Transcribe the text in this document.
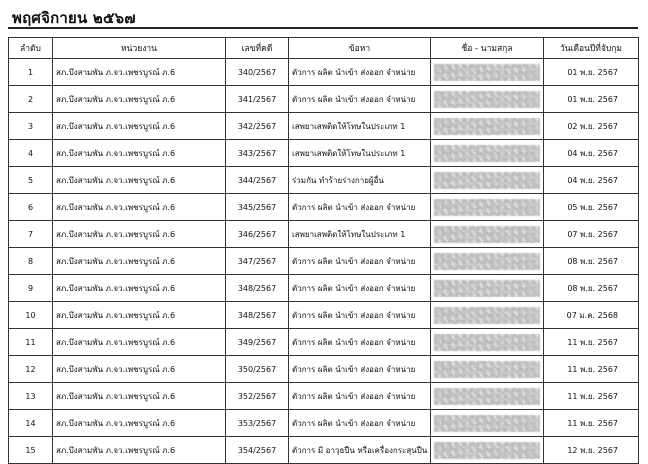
พฤศจิกายน ๒๕๖๗
ลำดับ	หน่วยงาน	เลขที่คดี	ข้อหา	ชื่อ - นามสกุล	วันเดือนปีที่จับกุม
1	สภ.บึงสามพัน ภ.จว.เพชรบูรณ์ ภ.6	340/2567	ตัวการ ผลิต นำเข้า ส่งออก จำหน่าย		01 พ.ย. 2567
2	สภ.บึงสามพัน ภ.จว.เพชรบูรณ์ ภ.6	341/2567	ตัวการ ผลิต นำเข้า ส่งออก จำหน่าย		01 พ.ย. 2567
3	สภ.บึงสามพัน ภ.จว.เพชรบูรณ์ ภ.6	342/2567	เสพยาเสพติดให้โทษในประเภท 1		02 พ.ย. 2567
4	สภ.บึงสามพัน ภ.จว.เพชรบูรณ์ ภ.6	343/2567	เสพยาเสพติดให้โทษในประเภท 1		04 พ.ย. 2567
5	สภ.บึงสามพัน ภ.จว.เพชรบูรณ์ ภ.6	344/2567	ร่วมกัน ทำร้ายร่างกายผู้อื่น		04 พ.ย. 2567
6	สภ.บึงสามพัน ภ.จว.เพชรบูรณ์ ภ.6	345/2567	ตัวการ ผลิต นำเข้า ส่งออก จำหน่าย		05 พ.ย. 2567
7	สภ.บึงสามพัน ภ.จว.เพชรบูรณ์ ภ.6	346/2567	เสพยาเสพติดให้โทษในประเภท 1		07 พ.ย. 2567
8	สภ.บึงสามพัน ภ.จว.เพชรบูรณ์ ภ.6	347/2567	ตัวการ ผลิต นำเข้า ส่งออก จำหน่าย		08 พ.ย. 2567
9	สภ.บึงสามพัน ภ.จว.เพชรบูรณ์ ภ.6	348/2567	ตัวการ ผลิต นำเข้า ส่งออก จำหน่าย		08 พ.ย. 2567
10	สภ.บึงสามพัน ภ.จว.เพชรบูรณ์ ภ.6	348/2567	ตัวการ ผลิต นำเข้า ส่งออก จำหน่าย		07 ม.ค. 2568
11	สภ.บึงสามพัน ภ.จว.เพชรบูรณ์ ภ.6	349/2567	ตัวการ ผลิต นำเข้า ส่งออก จำหน่าย		11 พ.ย. 2567
12	สภ.บึงสามพัน ภ.จว.เพชรบูรณ์ ภ.6	350/2567	ตัวการ ผลิต นำเข้า ส่งออก จำหน่าย		11 พ.ย. 2567
13	สภ.บึงสามพัน ภ.จว.เพชรบูรณ์ ภ.6	352/2567	ตัวการ ผลิต นำเข้า ส่งออก จำหน่าย		11 พ.ย. 2567
14	สภ.บึงสามพัน ภ.จว.เพชรบูรณ์ ภ.6	353/2567	ตัวการ ผลิต นำเข้า ส่งออก จำหน่าย		11 พ.ย. 2567
15	สภ.บึงสามพัน ภ.จว.เพชรบูรณ์ ภ.6	354/2567	ตัวการ มี อาวุธปืน หรือเครื่องกระสุนปืน		12 พ.ย. 2567
